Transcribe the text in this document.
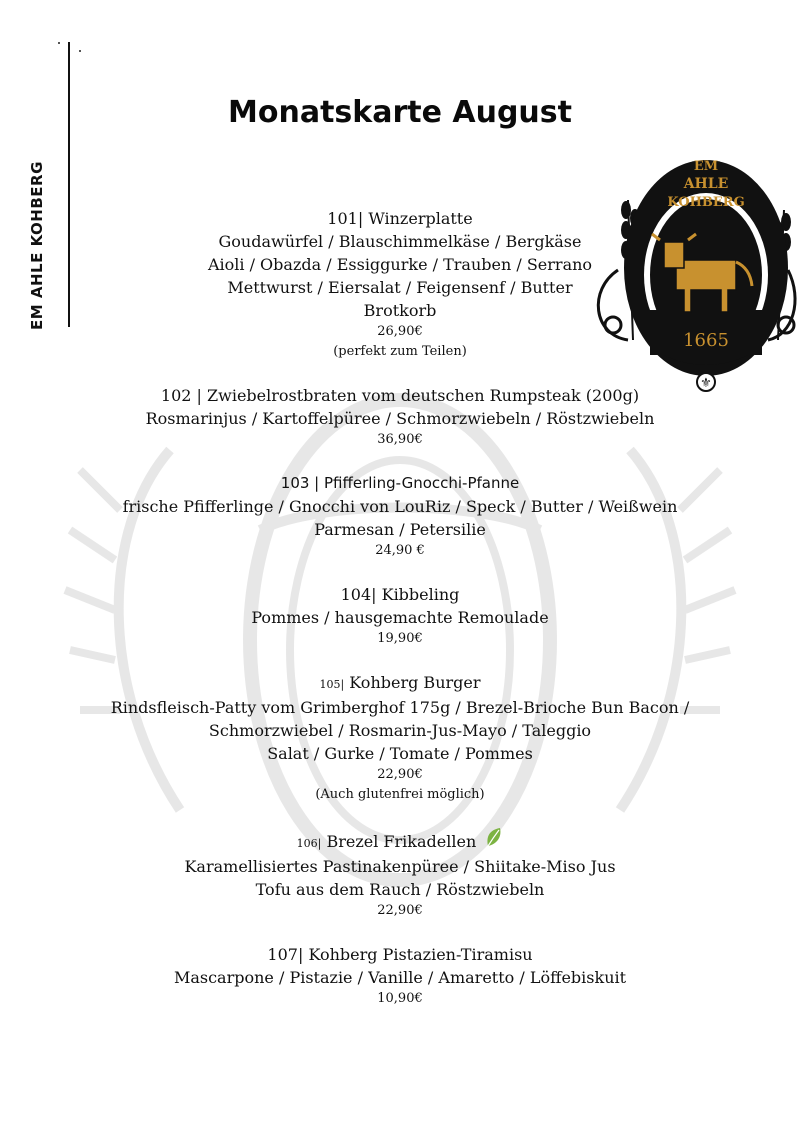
EM AHLE KOHBERG
Monatskarte August
EM
AHLE
KOHBERG
1665
⚜
101| Winzerplatte
Goudawürfel / Blauschimmelkäse / Bergkäse
Aioli / Obazda / Essiggurke / Trauben / Serrano
Mettwurst / Eiersalat / Feigensenf / Butter
Brotkorb
26,90€
(perfekt zum Teilen)
102 | Zwiebelrostbraten vom deutschen Rumpsteak (200g)
Rosmarinjus / Kartoffelpüree / Schmorzwiebeln / Röstzwiebeln
36,90€
103 | Pfifferling-Gnocchi-Pfanne
frische Pfifferlinge / Gnocchi von LouRiz / Speck / Butter / Weißwein
Parmesan / Petersilie
24,90 €
104| Kibbeling
Pommes / hausgemachte Remoulade
19,90€
105| Kohberg Burger
Rindsfleisch-Patty vom Grimberghof 175g / Brezel-Brioche Bun Bacon /
Schmorzwiebel / Rosmarin-Jus-Mayo / Taleggio
Salat / Gurke / Tomate / Pommes
22,90€
(Auch glutenfrei möglich)
106| Brezel Frikadellen
Karamellisiertes Pastinakenpüree / Shiitake-Miso Jus
Tofu aus dem Rauch / Röstzwiebeln
22,90€
107| Kohberg Pistazien-Tiramisu
Mascarpone / Pistazie / Vanille / Amaretto / Löffebiskuit
10,90€
